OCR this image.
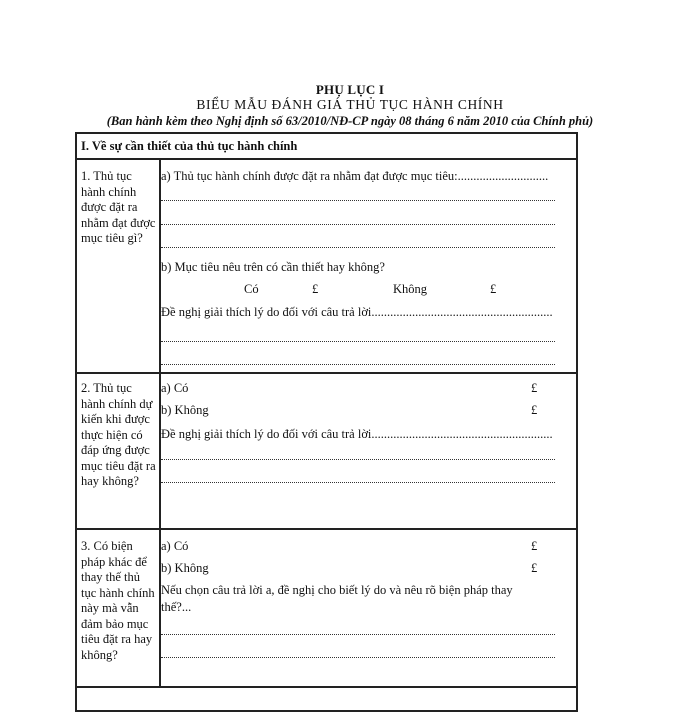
PHỤ LỤC I
BIỂU MẪU ĐÁNH GIÁ THỦ TỤC HÀNH CHÍNH
(Ban hành kèm theo Nghị định số 63/2010/NĐ-CP ngày 08 tháng 6 năm 2010 của Chính phủ)
I. Về sự cần thiết của thủ tục hành chính
1. Thủ tục hành chính được đặt ra nhằm đạt được mục tiêu gì?
a) Thủ tục hành chính được đặt ra nhằm đạt được mục tiêu:.............................
b) Mục tiêu nêu trên có cần thiết hay không?
Có	£	Không	£
Đề nghị giải thích lý do đối với câu trả lời..........................................................
2. Thủ tục hành chính dự kiến khi được thực hiện có đáp ứng được mục tiêu đặt ra hay không?
a) Có	£
b) Không	£
Đề nghị giải thích lý do đối với câu trả lời..........................................................
3. Có biện pháp khác để thay thế thủ tục hành chính này mà vẫn đảm bảo mục tiêu đặt ra hay không?
a) Có	£
b) Không	£
Nếu chọn câu trả lời a, đề nghị cho biết lý do và nêu rõ biện pháp thay
thế?...
